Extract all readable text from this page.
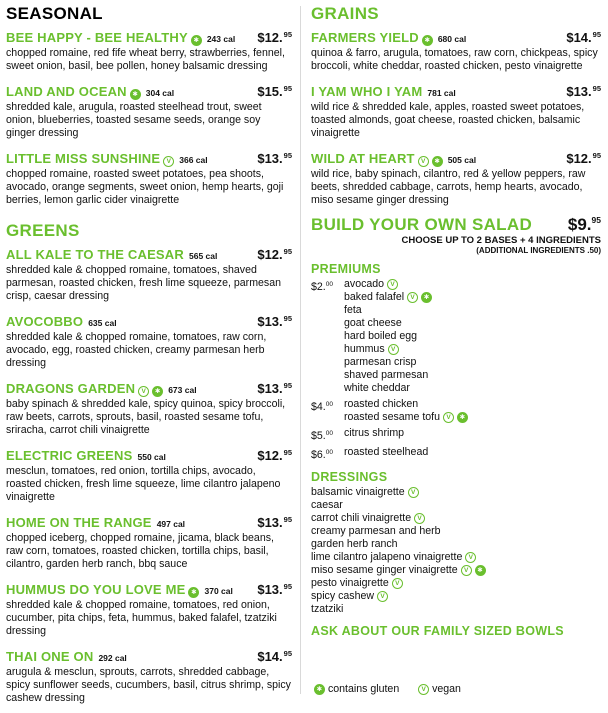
SEASONAL
BEE HAPPY - BEE HEALTHY ✱ 243 cal $12.95
chopped romaine, red fife wheat berry, strawberries, fennel, sweet onion, basil, bee pollen, honey balsamic dressing
LAND AND OCEAN ✱ 304 cal	$15.95
shredded kale, arugula, roasted steelhead trout, sweet onion, blueberries, toasted sesame seeds, orange soy ginger dressing
LITTLE MISS SUNSHINE V 366 cal	$13.95
chopped romaine, roasted sweet potatoes, pea shoots, avocado, orange segments, sweet onion, hemp hearts, goji berries, lemon garlic cider vinaigrette
GREENS
ALL KALE TO THE CAESAR 565 cal	$12.95
shredded kale & chopped romaine, tomatoes, shaved parmesan, roasted chicken, fresh lime squeeze, parmesan crisp, caesar dressing
AVOCOBBO 635 cal	$13.95
shredded kale & chopped romaine, tomatoes, raw corn, avocado, egg, roasted chicken, creamy parmesan herb dressing
DRAGONS GARDEN V	✱ 673 cal	$13.95
baby spinach & shredded kale, spicy quinoa, spicy broccoli, raw beets, carrots, sprouts, basil, roasted sesame tofu, sriracha, carrot chili vinaigrette
ELECTRIC GREENS 550 cal	$12.95
mesclun, tomatoes, red onion, tortilla chips, avocado, roasted chicken, fresh lime squeeze, lime cilantro jalapeno vinaigrette
HOME ON THE RANGE 497 cal	$13.95
chopped iceberg, chopped romaine, jicama, black beans, raw corn, tomatoes, roasted chicken, tortilla chips, basil, cilantro, garden herb ranch, bbq sauce
HUMMUS DO YOU LOVE ME ✱ 370 cal $13.95
shredded kale & chopped romaine, tomatoes, red onion, cucumber, pita chips, feta, hummus, baked falafel, tzatziki dressing
THAI ONE ON 292 cal	$14.95
arugula & mesclun, sprouts, carrots, shredded cabbage, spicy sunflower seeds, cucumbers, basil, citrus shrimp, spicy cashew dressing
GRAINS
FARMERS YIELD ✱ 680 cal	$14.95
quinoa & farro, arugula, tomatoes, raw corn, chickpeas, spicy broccoli, white cheddar, roasted chicken, pesto vinaigrette
I YAM WHO I YAM 781 cal	$13.95
wild rice & shredded kale, apples, roasted sweet potatoes, toasted almonds, goat cheese, roasted chicken, balsamic vinaigrette
WILD AT HEART V	✱ 505 cal	$12.95
wild rice, baby spinach, cilantro, red & yellow peppers, raw beets, shredded cabbage, carrots, hemp hearts, avocado, miso sesame ginger dressing
BUILD YOUR OWN SALAD $9.95
CHOOSE UP TO 2 BASES + 4 INGREDIENTS
(ADDITIONAL INGREDIENTS .50)
PREMIUMS
$2.00	avocado V
baked falafel V ✱
feta
goat cheese
hard boiled egg
hummus V
parmesan crisp
shaved parmesan
white cheddar
$4.00	roasted chicken
roasted sesame tofu V ✱
$5.00	citrus shrimp
$6.00	roasted steelhead
DRESSINGS
balsamic vinaigrette V
caesar
carrot chili vinaigrette V
creamy parmesan and herb
garden herb ranch
lime cilantro jalapeno vinaigrette V
miso sesame ginger vinaigrette V ✱
pesto vinaigrette V
spicy cashew V
tzatziki
ASK ABOUT OUR FAMILY SIZED BOWLS
✱ contains gluten	V vegan
